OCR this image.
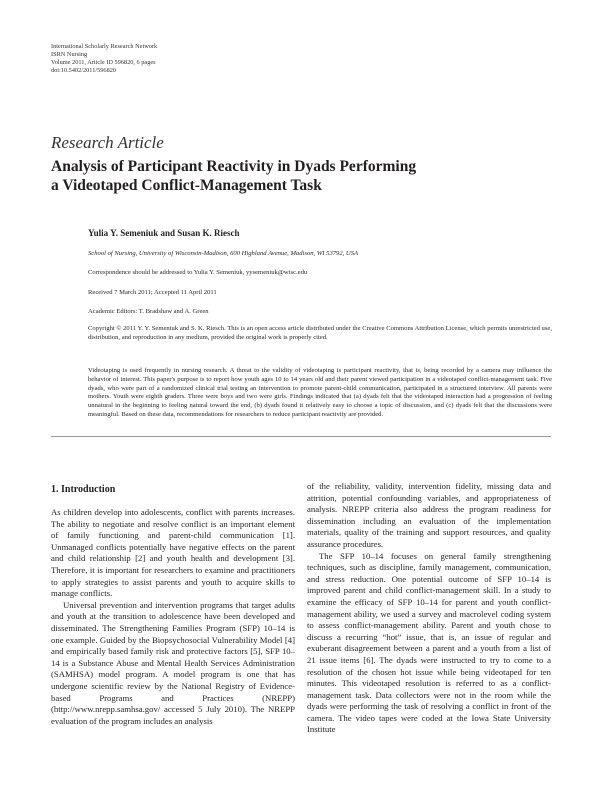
International Scholarly Research Network
ISRN Nursing
Volume 2011, Article ID 596820, 6 pages
doi:10.5402/2011/596820
Research Article
Analysis of Participant Reactivity in Dyads Performing
a Videotaped Conflict-Management Task
Yulia Y. Semeniuk and Susan K. Riesch
School of Nursing, University of Wisconsin-Madison, 600 Highland Avenue, Madison, WI 53792, USA
Correspondence should be addressed to Yulia Y. Semeniuk, yysemeniuk@wisc.edu
Received 7 March 2011; Accepted 11 April 2011
Academic Editors: T. Bradshaw and A. Green
Copyright © 2011 Y. Y. Semeniuk and S. K. Riesch. This is an open access article distributed under the Creative Commons Attribution License, which permits unrestricted use, distribution, and reproduction in any medium, provided the original work is properly cited.
Videotaping is used frequently in nursing research. A threat to the validity of videotaping is participant reactivity, that is, being recorded by a camera may influence the behavior of interest. This paper's purpose is to report how youth ages 10 to 14 years old and their parent viewed participation in a videotaped conflict-management task. Five dyads, who were part of a randomized clinical trial testing an intervention to promote parent-child communication, participated in a structured interview. All parents were mothers. Youth were eighth graders. Three were boys and two were girls. Findings indicated that (a) dyads felt that the videotaped interaction had a progression of feeling unnatural in the beginning to feeling natural toward the end, (b) dyads found it relatively easy to choose a topic of discussion, and (c) dyads felt that the discussions were meaningful. Based on these data, recommendations for researchers to reduce participant reactivity are provided.
1. Introduction

As children develop into adolescents, conflict with parents increases. The ability to negotiate and resolve conflict is an important element of family functioning and parent-child communication [1]. Unmanaged conflicts potentially have negative effects on the parent and child relationship [2] and youth health and development [3]. Therefore, it is important for researchers to examine and practitioners to apply strategies to assist parents and youth to acquire skills to manage conflicts.

Universal prevention and intervention programs that target adults and youth at the transition to adolescence have been developed and disseminated. The Strengthening Families Program (SFP) 10–14 is one example. Guided by the Biopsychosocial Vulnerability Model [4] and empirically based family risk and protective factors [5], SFP 10–14 is a Substance Abuse and Mental Health Services Administration (SAMHSA) model program. A model program is one that has undergone scientific review by the National Registry of Evidence-based Programs and Practices (NREPP) (http://www.nrepp.samhsa.gov/ accessed 5 July 2010). The NREPP evaluation of the program includes an analysis

of the reliability, validity, intervention fidelity, missing data and attrition, potential confounding variables, and appropriateness of analysis. NREPP criteria also address the program readiness for dissemination including an evaluation of the implementation materials, quality of the training and support resources, and quality assurance procedures.

The SFP 10–14 focuses on general family strengthening techniques, such as discipline, family management, communication, and stress reduction. One potential outcome of SFP 10–14 is improved parent and child conflict-management skill. In a study to examine the efficacy of SFP 10–14 for parent and youth conflict-management ability, we used a survey and macrolevel coding system to assess conflict-management ability. Parent and youth chose to discuss a recurring “hot” issue, that is, an issue of regular and exuberant disagreement between a parent and a youth from a list of 21 issue items [6]. The dyads were instructed to try to come to a resolution of the chosen hot issue while being videotaped for ten minutes. This videotaped resolution is referred to as a conflict-management task. Data collectors were not in the room while the dyads were performing the task of resolving a conflict in front of the camera. The video tapes were coded at the Iowa State University Institute
